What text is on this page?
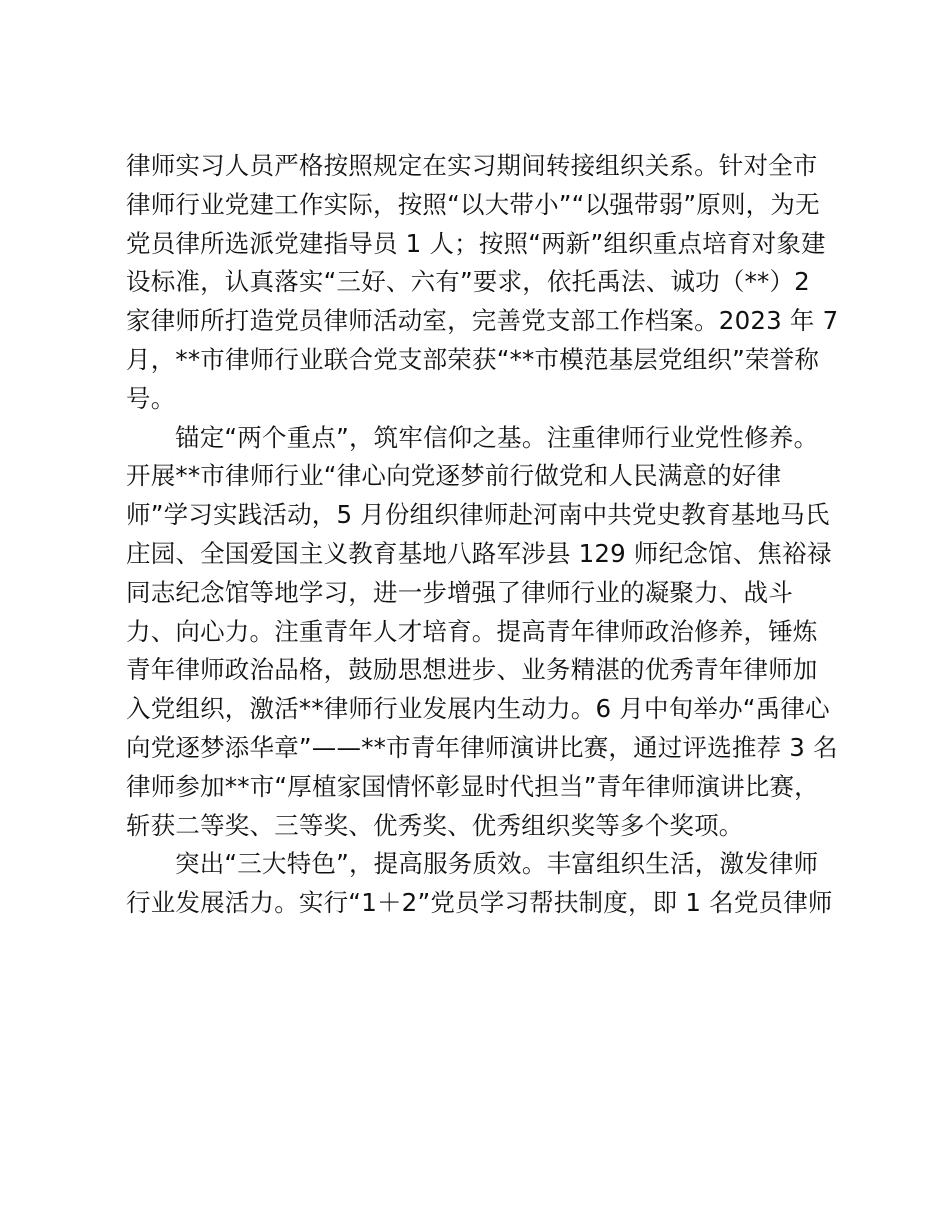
律师实习人员严格按照规定在实习期间转接组织关系。针对全市
律师行业党建工作实际，按照“以大带小”“以强带弱”原则，为无
党员律所选派党建指导员 1 人；按照“两新”组织重点培育对象建
设标准，认真落实“三好、六有”要求，依托禹法、诚功（**）2
家律师所打造党员律师活动室，完善党支部工作档案。2023 年 7
月，**市律师行业联合党支部荣获“**市模范基层党组织”荣誉称
号。
锚定“两个重点”，筑牢信仰之基。注重律师行业党性修养。
开展**市律师行业“律心向党逐梦前行做党和人民满意的好律
师”学习实践活动，5 月份组织律师赴河南中共党史教育基地马氏
庄园、全国爱国主义教育基地八路军涉县 129 师纪念馆、焦裕禄
同志纪念馆等地学习，进一步增强了律师行业的凝聚力、战斗
力、向心力。注重青年人才培育。提高青年律师政治修养，锤炼
青年律师政治品格，鼓励思想进步、业务精湛的优秀青年律师加
入党组织，激活**律师行业发展内生动力。6 月中旬举办“禹律心
向党逐梦添华章”——**市青年律师演讲比赛，通过评选推荐 3 名
律师参加**市“厚植家国情怀彰显时代担当”青年律师演讲比赛，
斩获二等奖、三等奖、优秀奖、优秀组织奖等多个奖项。
突出“三大特色”，提高服务质效。丰富组织生活，激发律师
行业发展活力。实行“1＋2”党员学习帮扶制度，即 1 名党员律师
